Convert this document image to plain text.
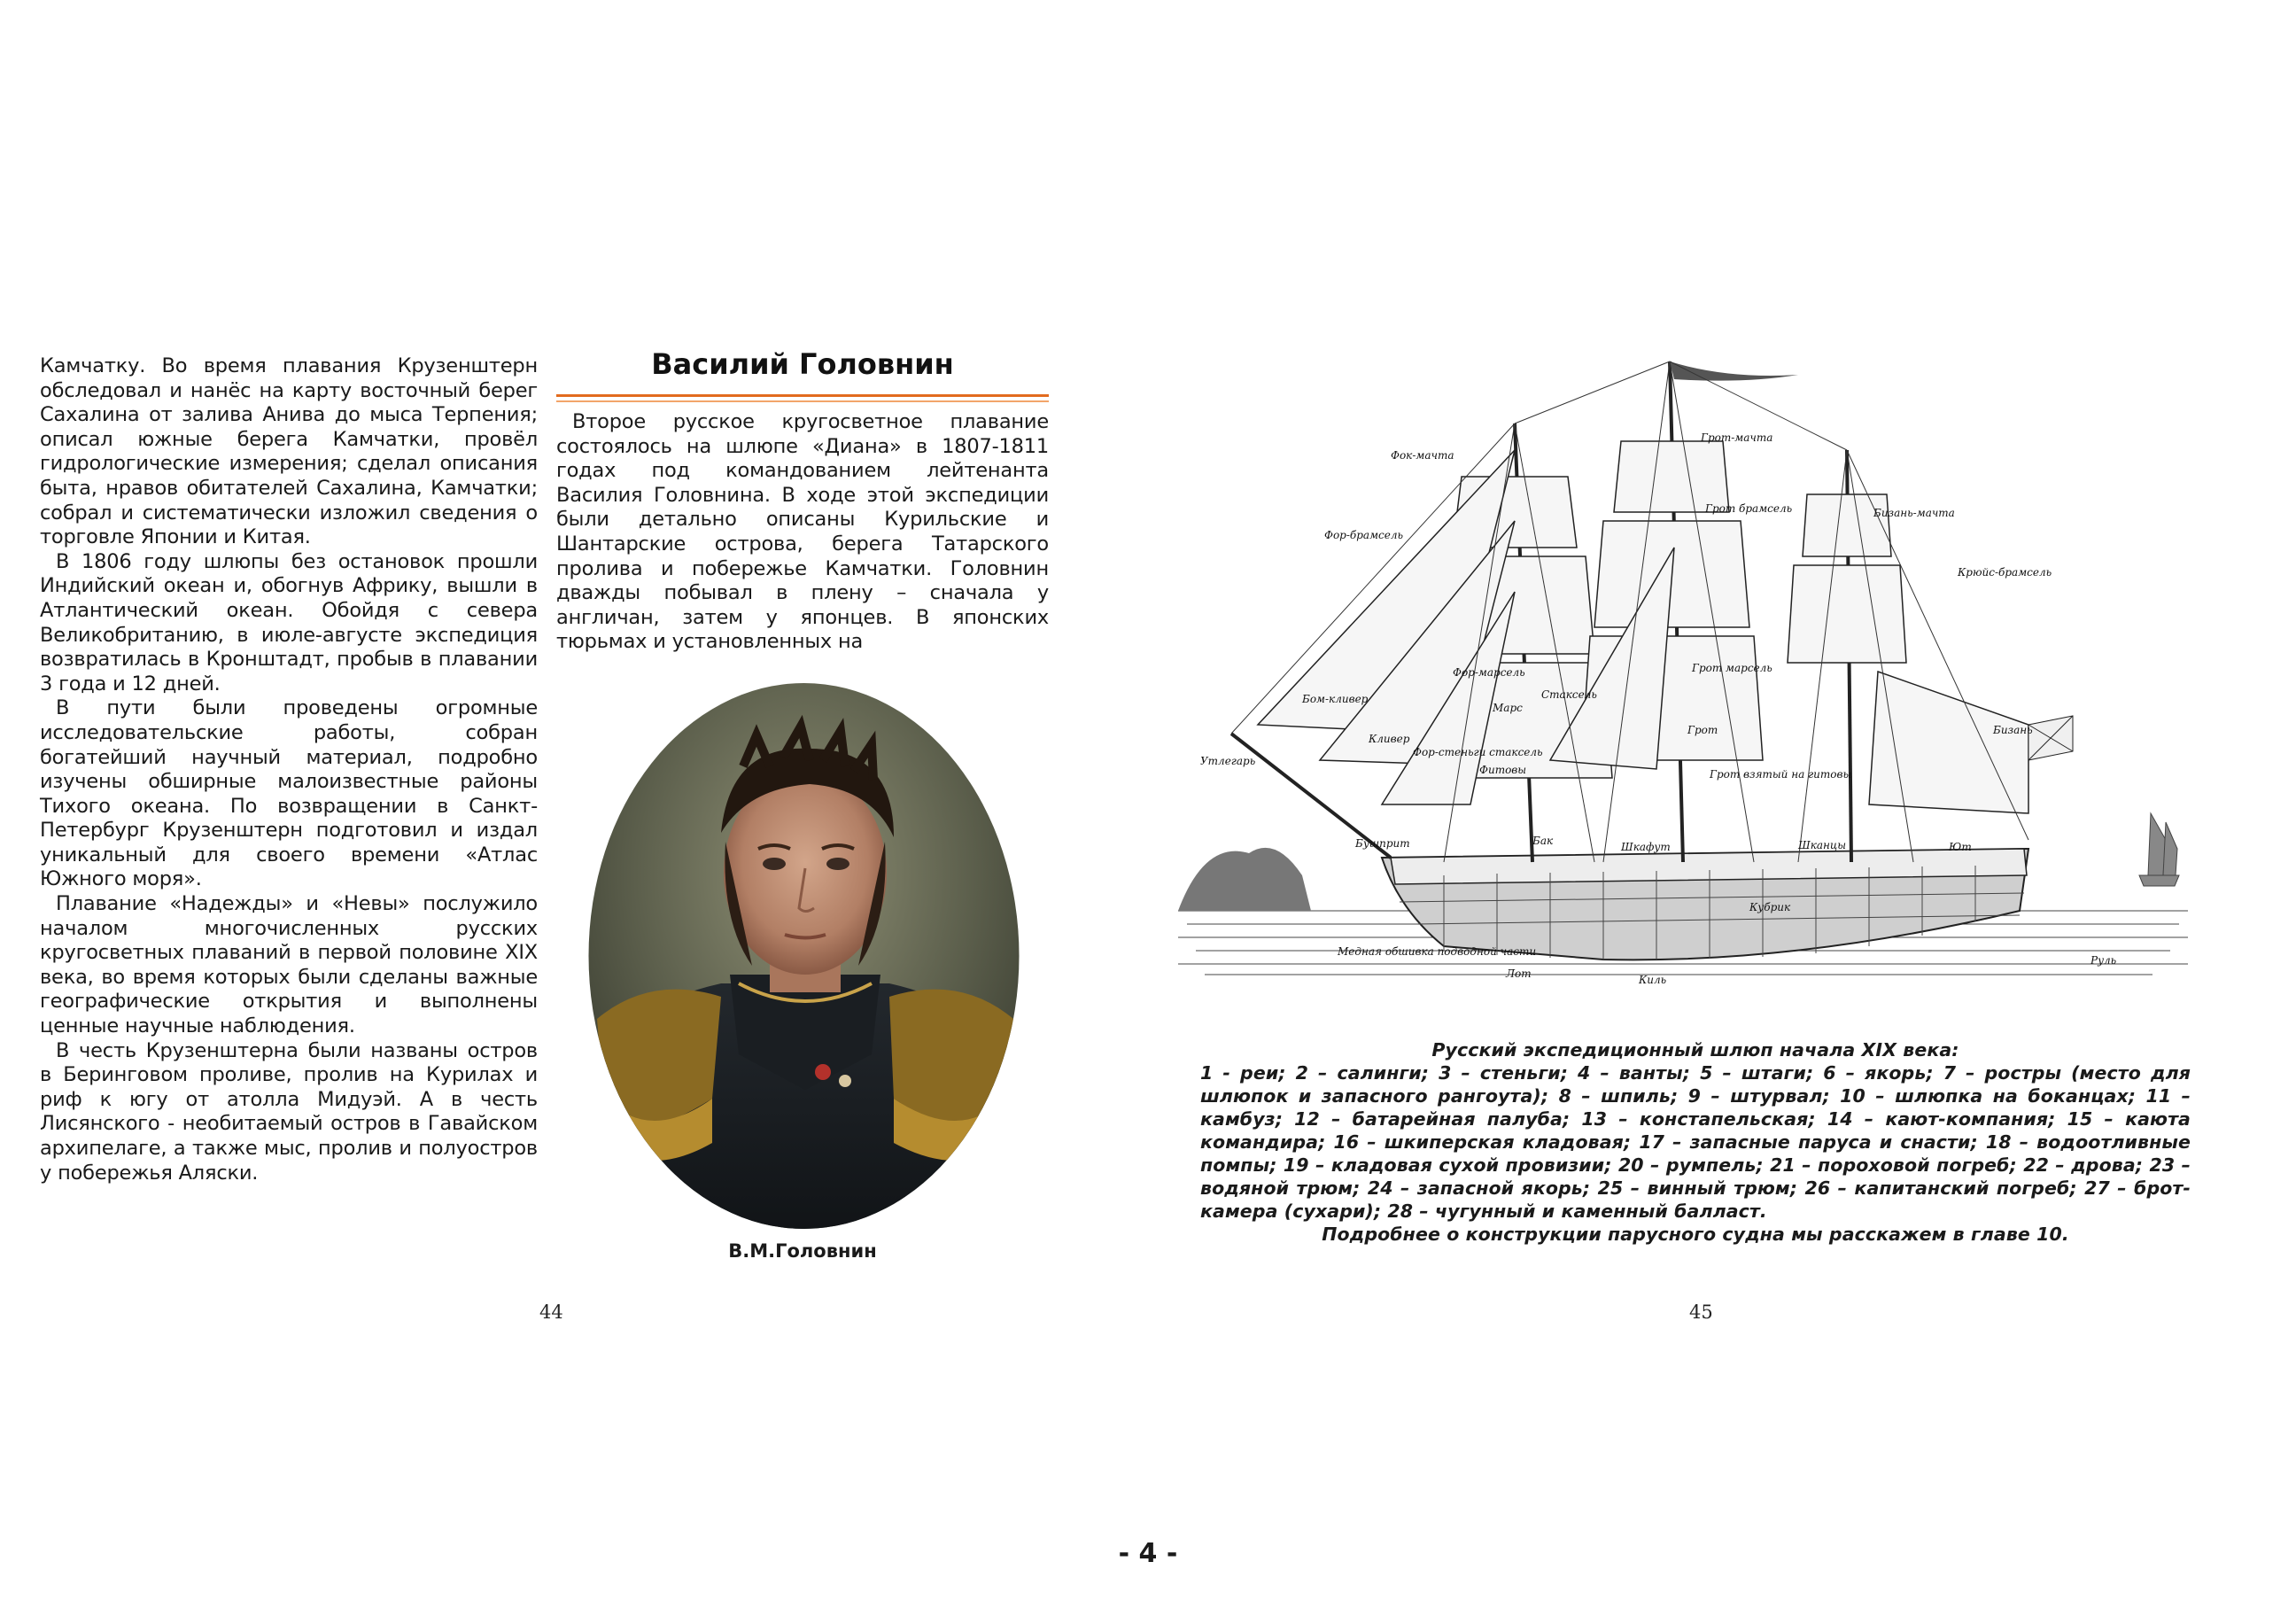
Камчатку. Во время плавания Крузенштерн обследовал и нанёс на карту восточный берег Сахалина от залива Анива до мыса Терпения; описал южные берега Камчатки, провёл гидрологические измерения; сделал описания быта, нравов обитателей Сахалина, Камчатки; собрал и систематически изложил сведения о торговле Японии и Китая.

В 1806 году шлюпы без остановок прошли Индийский океан и, обогнув Африку, вышли в Атлантический океан. Обойдя с севера Великобританию, в июле-августе экспедиция возвратилась в Кронштадт, пробыв в плавании 3 года и 12 дней.

В пути были проведены огромные исследовательские работы, собран богатейший научный материал, подробно изучены обширные малоизвестные районы Тихого океана. По возвращении в Санкт-Петербург Крузенштерн подготовил и издал уникальный для своего времени «Атлас Южного моря».

Плавание «Надежды» и «Невы» послужило началом многочисленных русских кругосветных плаваний в первой половине XIX века, во время которых были сделаны важные географические открытия и выполнены ценные научные наблюдения.

В честь Крузенштерна были названы остров в Беринговом проливе, пролив на Курилах и риф к югу от атолла Мидуэй. А в честь Лисянского - необитаемый остров в Гавайском архипелаге, а также мыс, пролив и полуостров у побережья Аляски.

Василий Головнин

Второе русское кругосветное плавание состоялось на шлюпе «Диана» в 1807-1811 годах под командованием лейтенанта Василия Головнина. В ходе этой экспедиции были детально описаны Курильские и Шантарские острова, берега Татарского пролива и побережье Камчатки. Головнин дважды побывал в плену – сначала у англичан, затем у японцев. В японских тюрьмах и установленных на

В.М.Головнин
44
Фок-мачта
Грот-мачта
Грот брамсель	Бизань-мачта
Фор-брамсель
Крюйс-брамсель
Фор-марсель	Грот марсель
Бом-кливер
Кливер
Марс
Стаксель
Грот	Бизань
Утлегарь
Фор-стеньги стаксель
Фитовы	Грот взятый на гитовы
Бак	Шкафут	Шканцы	Ют
Бушприт
Кубрик
Медная обшивка подводной части
Лот	Киль
Руль
Русский экспедиционный шлюп начала XIX века:
1 - реи; 2 – салинги; 3 – стеньги; 4 – ванты; 5 – штаги; 6 – якорь; 7 – ростры (место для шлюпок и запасного рангоута); 8 – шпиль; 9 – штурвал; 10 – шлюпка на боканцах; 11 – камбуз; 12 – батарейная палуба; 13 – констапельская; 14 – кают-компания; 15 – каюта командира; 16 – шкиперская кладовая; 17 – запасные паруса и снасти; 18 – водоотливные помпы; 19 – кладовая сухой провизии; 20 – румпель; 21 – пороховой погреб; 22 – дрова; 23 – водяной трюм; 24 – запасной якорь; 25 – винный трюм; 26 – капитанский погреб; 27 – брот-камера (сухари); 28 – чугунный и каменный балласт.
Подробнее о конструкции парусного судна мы расскажем в главе 10.
45
- 4 -
